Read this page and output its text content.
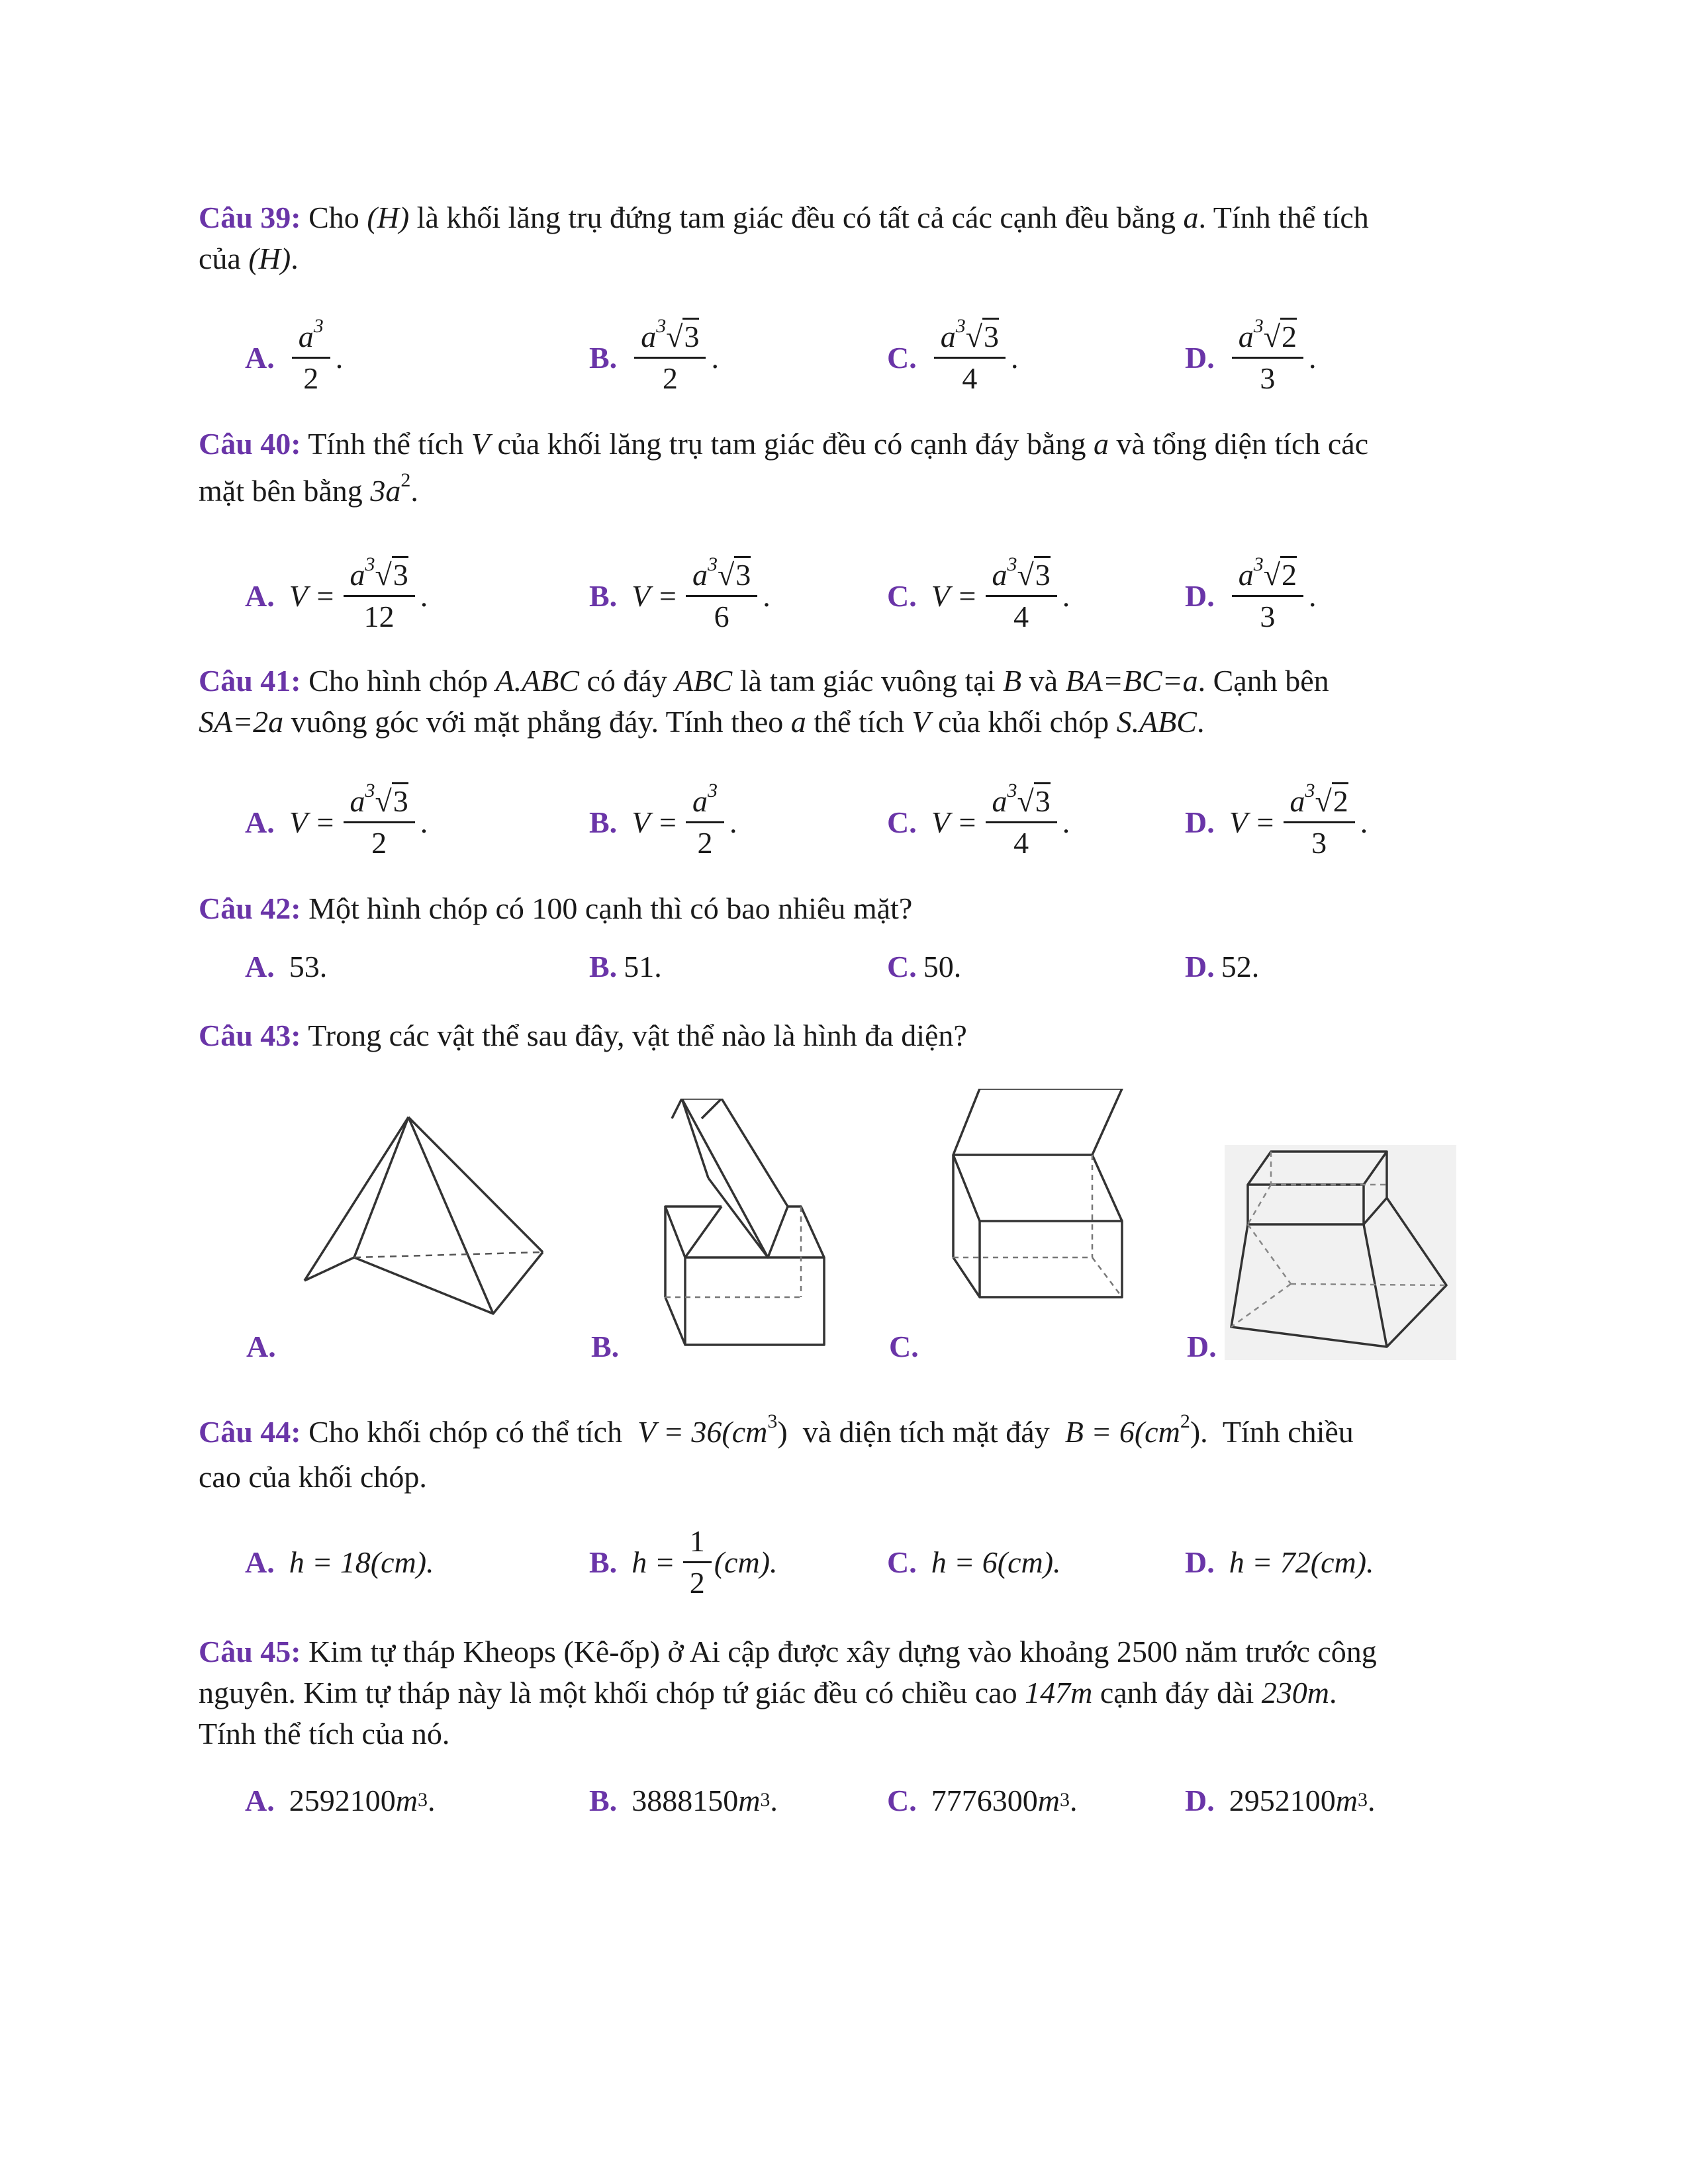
Câu 39: Cho (H) là khối lăng trụ đứng tam giác đều có tất cả các cạnh đều bằng a. Tính thể tích
của (H).
A. $\frac{a^3}{2}$ .	B. $\frac{a^3√3}{2}$ .	C. $\frac{a^3√3}{4}$ .	D. $\frac{a^3√2}{3}$ .
Câu 40: Tính thể tích V của khối lăng trụ tam giác đều có cạnh đáy bằng a và tổng diện tích các
mặt bên bằng $3a^2$.
A. $V = \frac{a^3√3}{12}$ .	B. $V = \frac{a^3√3}{6}$ .	C. $V = \frac{a^3√3}{4}$ .	D. $\frac{a^3√2}{3}$ .
Câu 41: Cho hình chóp A.ABC có đáy ABC là tam giác vuông tại B và BA=BC=a. Cạnh bên
SA=2a vuông góc với mặt phẳng đáy. Tính theo a thể tích V của khối chóp S.ABC.
A. $V = \frac{a^3√3}{2}$ .	B. $V = \frac{a^3}{2}$ .	C. $V = \frac{a^3√3}{4}$ .	D. $V = \frac{a^3√2}{3}$ .
Câu 42: Một hình chóp có 100 cạnh thì có bao nhiêu mặt?
A. 53.	B. 51.	C. 50.	D. 52.
Câu 43: Trong các vật thể sau đây, vật thể nào là hình đa diện?
A.	B.	C.	D.
Câu 44: Cho khối chóp có thể tích $V = 36(cm^3)$ và diện tích mặt đáy $B = 6(cm^2)$. Tính chiều
cao của khối chóp.
A. h = 18(cm).	B. $h = \frac{1}{2} (cm)$.	C. h = 6(cm).	D. h = 72(cm).
Câu 45: Kim tự tháp Kheops (Kê-ốp) ở Ai cập được xây dựng vào khoảng 2500 năm trước công
nguyên. Kim tự tháp này là một khối chóp tứ giác đều có chiều cao 147m cạnh đáy dài 230m.
Tính thể tích của nó.
A. 2592100 m 3 .	B. 3888150 m 3 .	C. 7776300 m 3 .	D. 2952100 m 3 .
